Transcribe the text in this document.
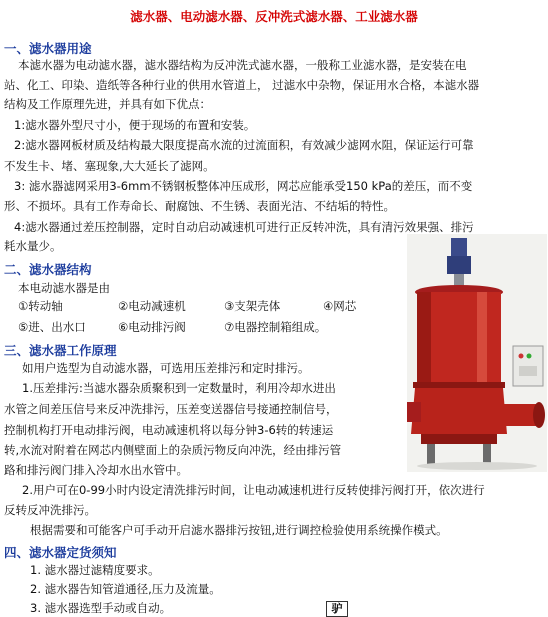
滤水器、电动滤水器、反冲洗式滤水器、工业滤水器
一、滤水器用途
本滤水器为电动滤水器，滤水器结构为反冲洗式滤水器，一般称工业滤水器，是安装在电
站、化工、印染、造纸等各种行业的供用水管道上， 过滤水中杂物，保证用水合格，本滤水器
结构及工作原理先进，并具有如下优点：
1:滤水器外型尺寸小，便于现场的布置和安装。
2:滤水器网板材质及结构最大限度提高水流的过流面积，有效减少滤网水阻，保证运行可靠
不发生卡、堵、塞现象,大大延长了滤网。
3: 滤水器滤网采用3-6mm不锈钢板整体冲压成形，网芯应能承受150 kPa的差压，而不变
形、不损坏。具有工作寿命长、耐腐蚀、不生锈、表面光洁、不结垢的特性。
4:滤水器通过差压控制器，定时自动启动减速机可进行正反转冲洗，具有清污效果强、排污
耗水量少。
二、滤水器结构
本电动滤水器是由
①转动轴	②电动减速机	③支架壳体	④网芯
⑤进、出水口	⑥电动排污阀	⑦电器控制箱组成。
三、滤水器工作原理
如用户选型为自动滤水器，可选用压差排污和定时排污。
1.压差排污:当滤水器杂质聚积到一定数量时，利用冷却水进出
水管之间差压信号来反冲洗排污，压差变送器信号接通控制信号，
控制机构打开电动排污阀，电动减速机将以每分钟3-6转的转速运
转,水流对附着在网芯内侧壁面上的杂质污物反向冲洗，经由排污管
路和排污阀门排入冷却水出水管中。
2.用户可在0-99小时内设定清洗排污时间，让电动减速机进行反转使排污阀打开，依次进行
反转反冲洗排污。
根据需要和可能客户可手动开启滤水器排污按钮,进行调控检验使用系统操作模式。
四、滤水器定货须知
1. 滤水器过滤精度要求。
2. 滤水器告知管道通径,压力及流量。
3. 滤水器选型手动或自动。	驴
